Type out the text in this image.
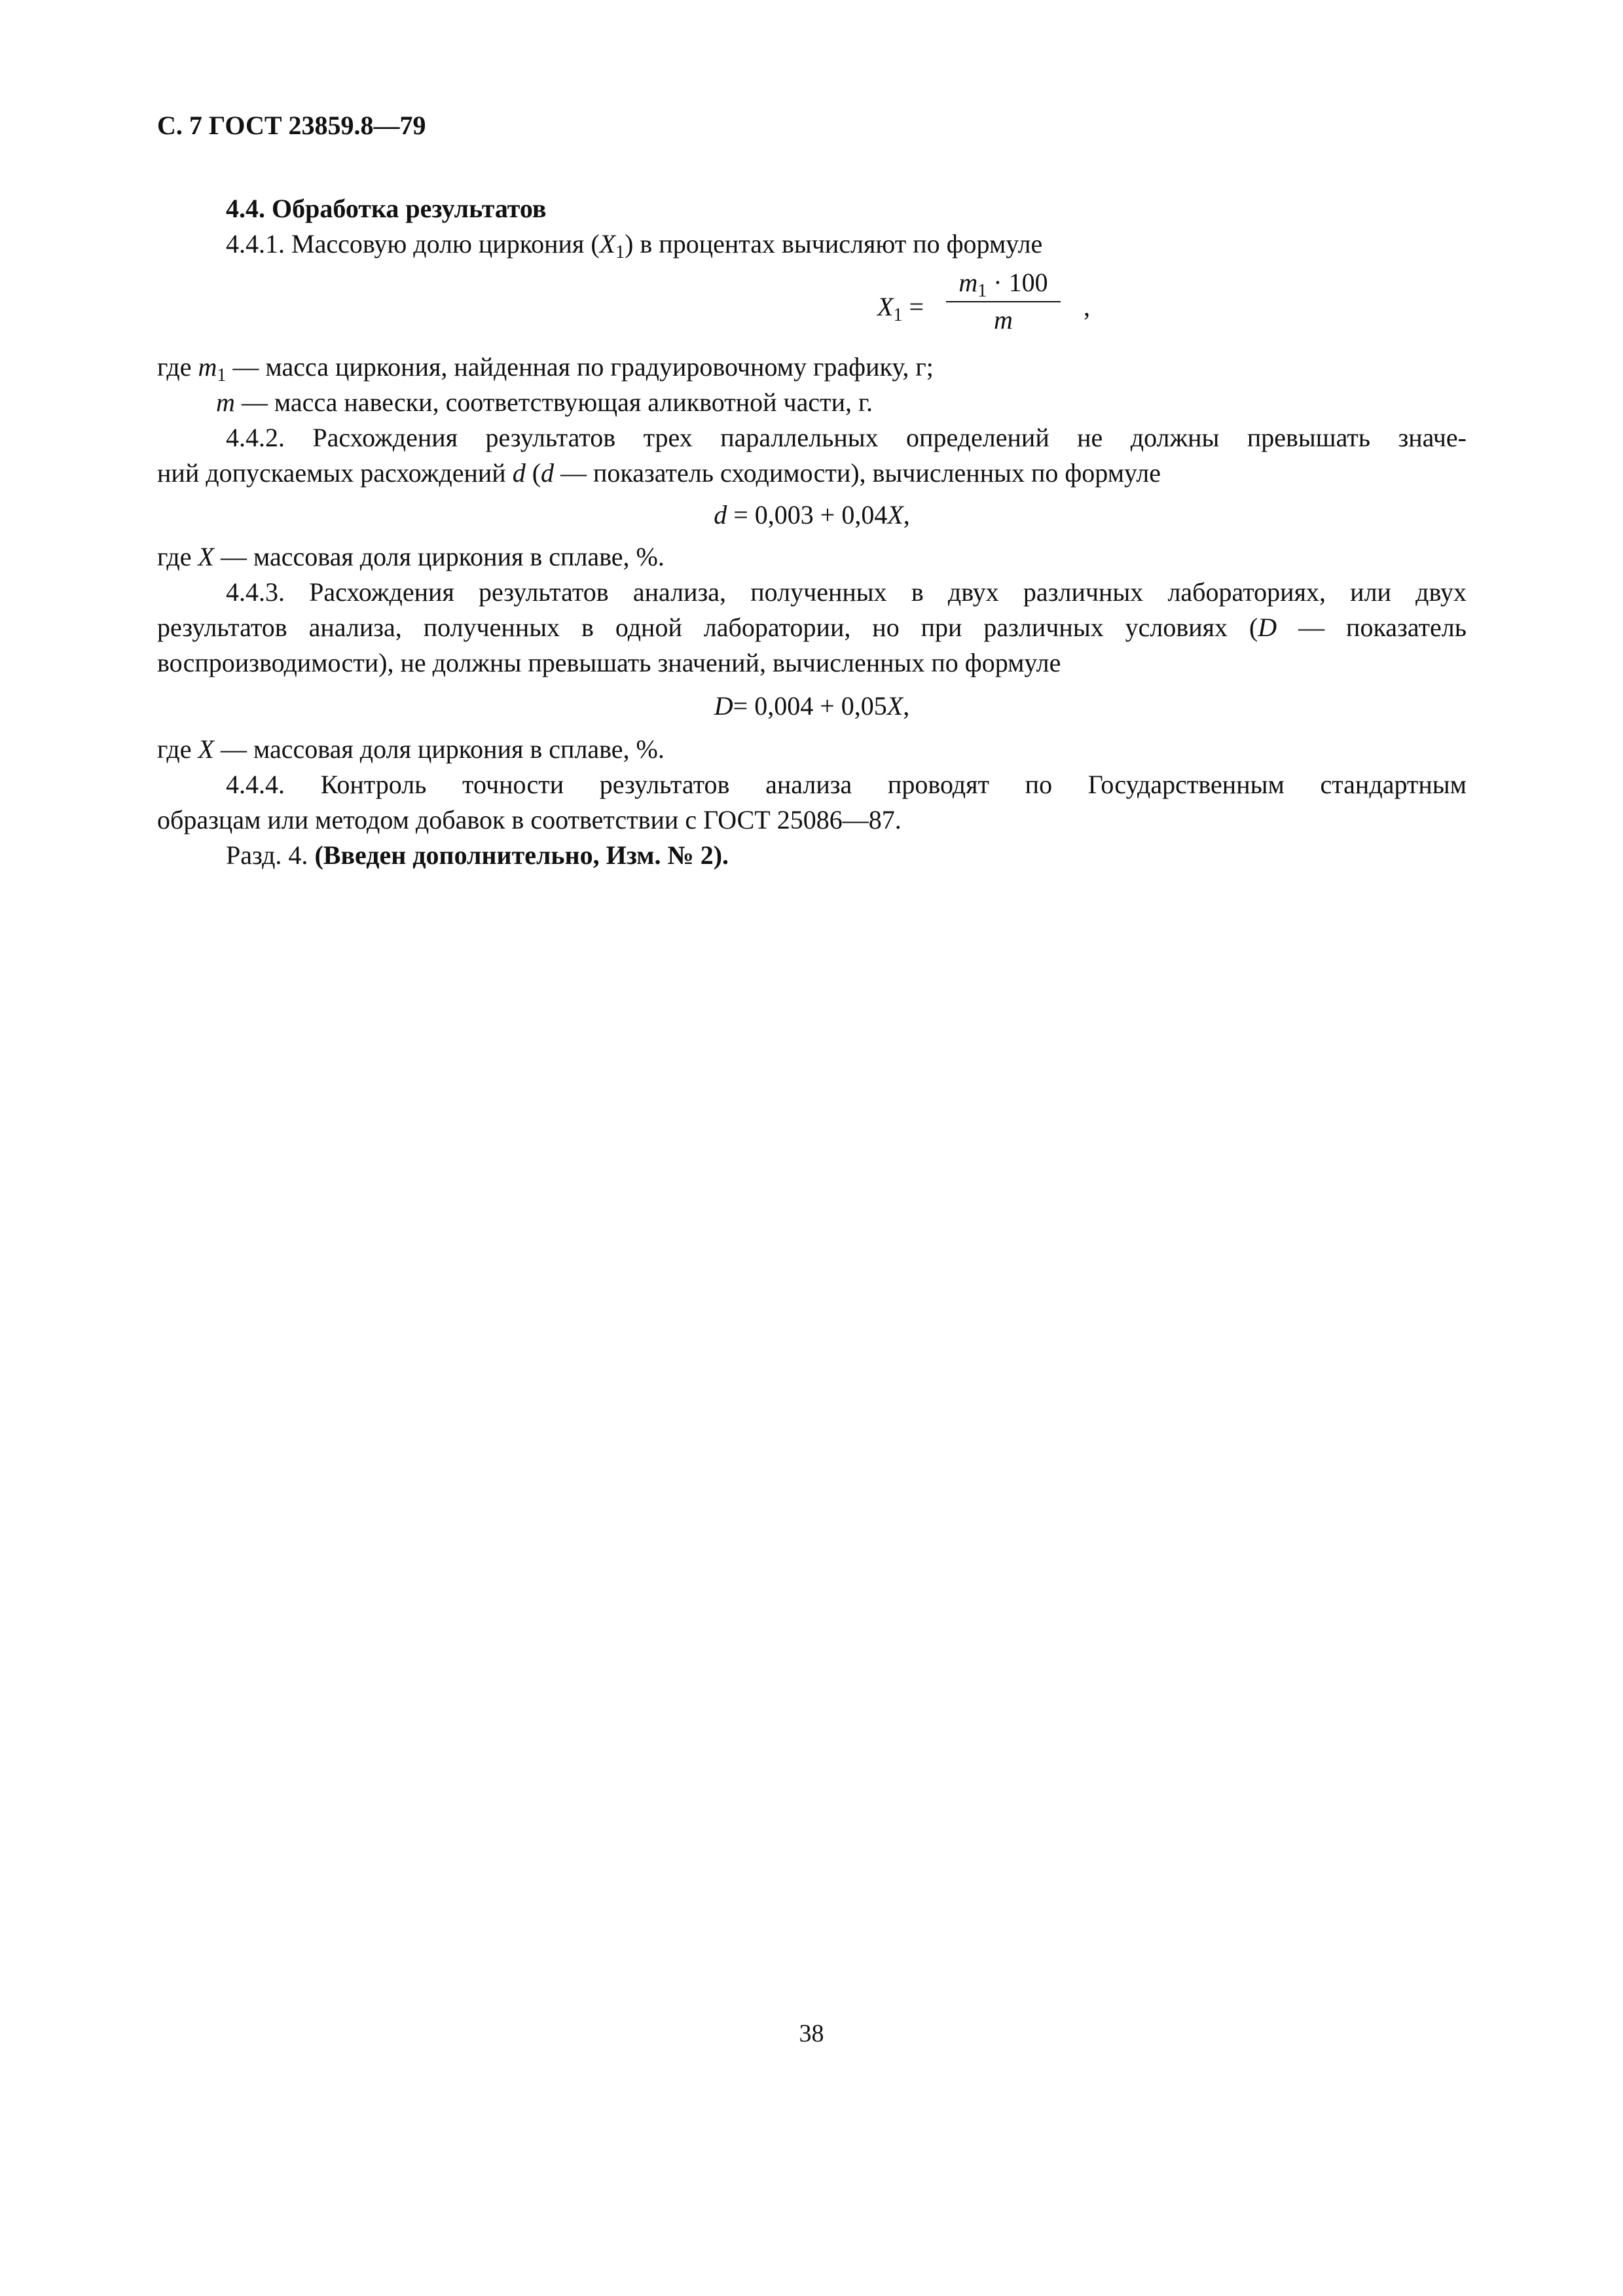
С. 7 ГОСТ 23859.8—79

4.4. Обработка результатов

4.4.1. Массовую долю циркония $(X_1)$ в процентах вычисляют по формуле

$X_1$ =
$m_1 \cdot 100$
m	,

где $m_1$ — масса циркония, найденная по градуировочному графику, г;

m — масса навески, соответствующая аликвотной части, г.

4.4.2. Расхождения результатов трех параллельных определений не должны превышать значе-

ний допускаемых расхождений d (d — показатель сходимости), вычисленных по формуле

d = 0,003 + 0,04X,

где X — массовая доля циркония в сплаве, %.

4.4.3. Расхождения результатов анализа, полученных в двух различных лабораториях, или двух

результатов анализа, полученных в одной лаборатории, но при различных условиях (D — показатель

воспроизводимости), не должны превышать значений, вычисленных по формуле

D= 0,004 + 0,05X,

где X — массовая доля циркония в сплаве, %.

4.4.4. Контроль точности результатов анализа проводят по Государственным стандартным

образцам или методом добавок в соответствии с ГОСТ 25086—87.

Разд. 4. (Введен дополнительно, Изм. № 2).

38
